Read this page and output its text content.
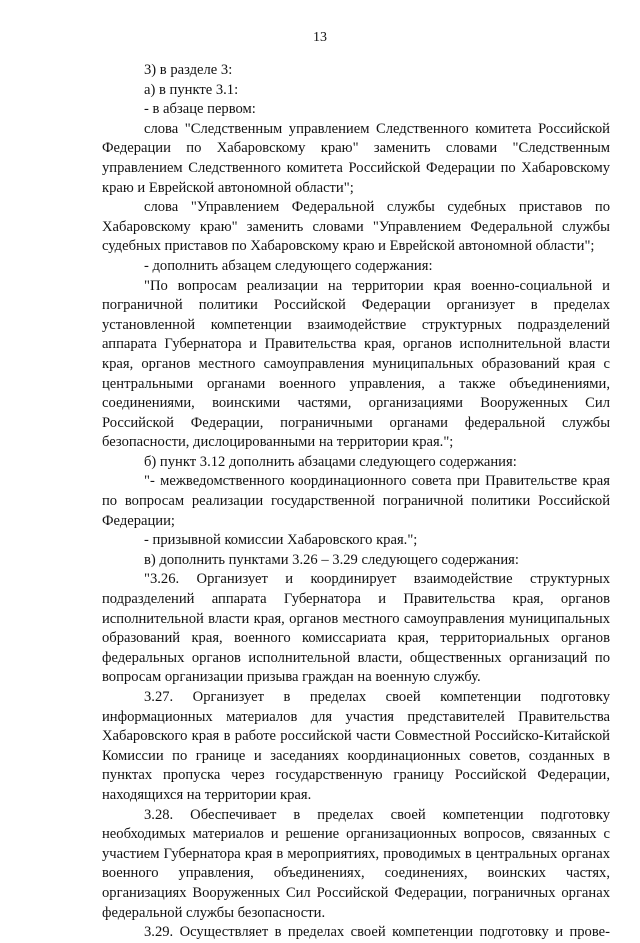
13

3) в разделе 3:

а) в пункте 3.1:

- в абзаце первом:

слова "Следственным управлением Следственного комитета Российской Федерации по Хабаровскому краю" заменить словами "Следственным управлением Следственного комитета Российской Федерации по Хабаровскому краю и Еврейской автономной области";

слова "Управлением Федеральной службы судебных приставов по Хабаровскому краю" заменить словами "Управлением Федеральной службы судебных приставов по Хабаровскому краю и Еврейской автономной области";

- дополнить абзацем следующего содержания:

"По вопросам реализации на территории края военно-социальной и пограничной политики Российской Федерации организует в пределах установленной компетенции взаимодействие структурных подразделений аппарата Губернатора и Правительства края, органов исполнительной власти края, органов местного самоуправления муниципальных образований края с центральными органами военного управления, а также объединениями, соединениями, воинскими частями, организациями Вооруженных Сил Российской Федерации, пограничными органами федеральной службы безопасности, дислоцированными на территории края.";

б) пункт 3.12 дополнить абзацами следующего содержания:

"- межведомственного координационного совета при Правительстве края по вопросам реализации государственной пограничной политики Российской Федерации;

- призывной комиссии Хабаровского края.";

в) дополнить пунктами 3.26 – 3.29 следующего содержания:

"3.26. Организует и координирует взаимодействие структурных подразделений аппарата Губернатора и Правительства края, органов исполнительной власти края, органов местного самоуправления муниципальных образований края, военного комиссариата края, территориальных органов федеральных органов исполнительной власти, общественных организаций по вопросам организации призыва граждан на военную службу.

3.27. Организует в пределах своей компетенции подготовку информационных материалов для участия представителей Правительства Хабаровского края в работе российской части Совместной Российско-Китайской Комиссии по границе и заседаниях координационных советов, созданных в пунктах пропуска через государственную границу Российской Федерации, находящихся на территории края.

3.28. Обеспечивает в пределах своей компетенции подготовку необходимых материалов и решение организационных вопросов, связанных с участием Губернатора края в мероприятиях, проводимых в центральных органах военного управления, объединениях, соединениях, воинских частях, организациях Вооруженных Сил Российской Федерации, пограничных органах федеральной службы безопасности.

3.29. Осуществляет в пределах своей компетенции подготовку и прове-
